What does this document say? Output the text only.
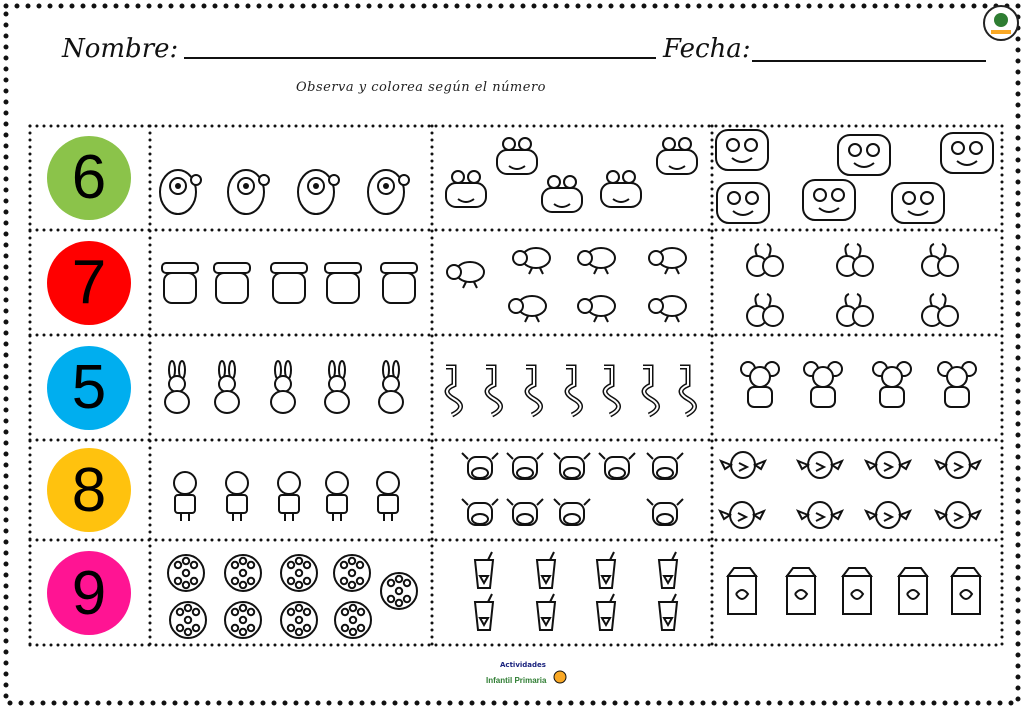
Nombre:	Fecha:
Observa y colorea según el número
6
7
5
8
9
Actividades
Infantil Primaria
